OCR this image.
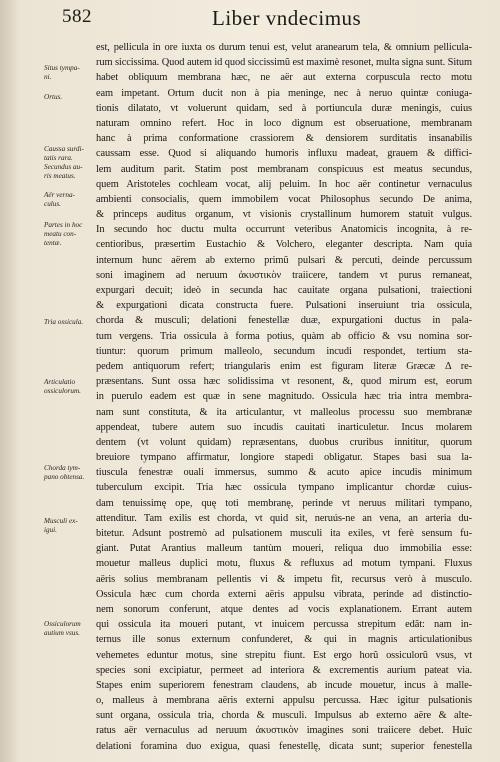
582	Liber vndecimus
Situs tympa-
ni.
Ortus.
Caussa surdi-
tatis rara.
Secundus au-
ris meatus.
Aër verna-
culus.
Partes in hoc
meatu con-
tentæ.
Tria ossicula.
Articulatio
ossiculorum.
Chorda tym-
pano obtensa.
Musculi ex-
igui.
Ossiculorum
autium vsus.
est, pellicula in ore iuxta os durum tenui est, velut aranearum tela, & omnium pellicula-
rum siccissima. Quod autem id quod siccissimũ est maximè resonet, multa signa sunt. Situm
habet obliquum membrana hæc, ne aër aut externa corpuscula recto motu
eam impetant. Ortum ducit non à pia meninge, nec à neruo quintæ coniuga-
tionis dilatato, vt voluerunt quidam, sed à portiuncula duræ meningis, cuius
naturam omnino refert. Hoc in loco dignum est obseruatione, membranam
hanc à prima conformatione crassiorem & densiorem surditatis insanabilis
caussam esse. Quod si aliquando humoris influxu madeat, grauem & diffici-
lem auditum parit. Statim post membranam conspicuus est meatus secundus,
quem Aristoteles cochleam vocat, alij peluim. In hoc aër continetur vernaculus
ambienti consocialis, quem immobilem vocat Philosophus secundo De anima,
& princeps auditus organum, vt visionis crystallinum humorem statuit vulgus.
In secundo hoc ductu multa occurrunt veteribus Anatomicis incognita, à re-
centioribus, præsertim Eustachio & Volchero, eleganter descripta. Nam quia
internum hunc aërem ab externo primũ pulsari & percuti, deinde percussum
soni imaginem ad neruum ἀκυστικὸν traiicere, tandem vt purus remaneat,
expurgari decuit; ideò in secunda hac cauitate organa pulsationi, traiectioni
& expurgationi dicata constructa fuere. Pulsationi inseruiunt tria ossicula,
chorda & musculi; delationi fenestellæ duæ, expurgationi ductus in pala-
tum vergens. Tria ossicula à forma potius, quàm ab officio & vsu nomina sor-
tiuntur: quorum primum malleolo, secundum incudi respondet, tertium sta-
pedem antiquorum refert; triangularis enim est figuram literæ Græcæ Δ re-
præsentans. Sunt ossa hæc solidissima vt resonent, &, quod mirum est, eorum
in puerulo eadem est quæ in sene magnitudo. Ossicula hæc tria intra membra-
nam sunt constituta, & ita articulantur, vt malleolus processu suo membranæ
appendeat, tubere autem suo incudis cauitati inarticuletur. Incus molarem
dentem (vt volunt quidam) repræsentans, duobus cruribus innititur, quorum
breuiore tympano affirmatur, longiore stapedi obligatur. Stapes basi sua la-
tiuscula fenestræ ouali immersus, summo & acuto apice incudis minimum
tuberculum excipit. Tria hæc ossicula tympano implicantur chordæ cuius-
dam tenuissimę ope, quę toti membranę, perinde vt neruus militari tympano,
attenditur. Tam exilis est chorda, vt quid sit, neruús-ne an vena, an arteria du-
bitetur. Adsunt postremò ad pulsationem musculi ita exiles, vt ferè sensum fu-
giant. Putat Arantius malleum tantùm moueri, reliqua duo immobilia esse:
mouetur malleus duplici motu, fluxus & refluxus ad motum tympani. Fluxus
aëris solius membranam pellentis vi & impetu fit, recursus verò à musculo.
Ossicula hæc cum chorda externi aëris appulsu vibrata, perinde ad distinctio-
nem sonorum conferunt, atque dentes ad vocis explanationem. Errant autem
qui ossicula ita moueri putant, vt inuicem percussa strepitum edãt: nam in-
ternus ille sonus externum confunderet, & qui in magnis articulationibus
vehemetes eduntur motus, sine strepitu fiunt. Est ergo horũ ossiculorũ vsus, vt
species soni excipiatur, permeet ad interiora & excrementis aurium pateat via.
Stapes enim superiorem fenestram claudens, ab incude mouetur, incus à malle-
o, malleus à membrana aëris externi appulsu percussa. Hæc igitur pulsationis
sunt organa, ossicula tria, chorda & musculi. Impulsus ab externo aëre & alte-
ratus aër vernaculus ad neruum ἀκυστικὸν imagines soni traiicere debet. Huic
delationi foramina duo exigua, quasi fenestellę, dicata sunt; superior fenestella
